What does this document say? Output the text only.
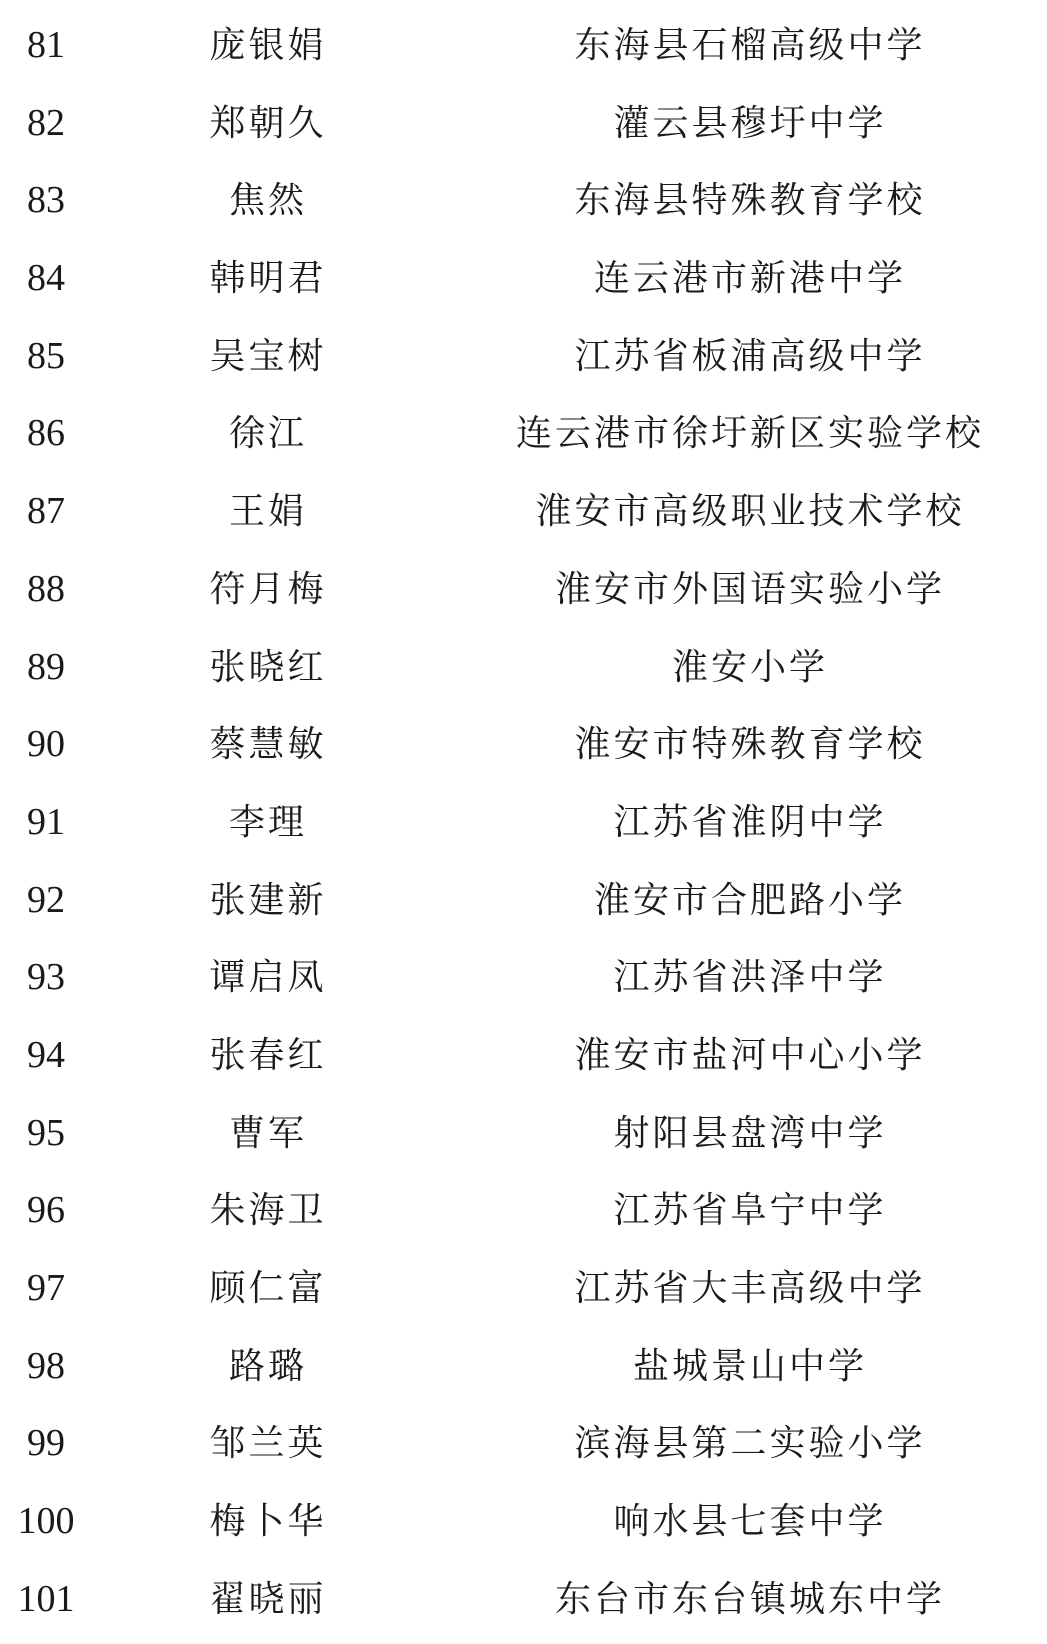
81	庞银娟	东海县石榴高级中学
82	郑朝久	灌云县穆圩中学
83	焦然	东海县特殊教育学校
84	韩明君	连云港市新港中学
85	吴宝树	江苏省板浦高级中学
86	徐江	连云港市徐圩新区实验学校
87	王娟	淮安市高级职业技术学校
88	符月梅	淮安市外国语实验小学
89	张晓红	淮安小学
90	蔡慧敏	淮安市特殊教育学校
91	李理	江苏省淮阴中学
92	张建新	淮安市合肥路小学
93	谭启凤	江苏省洪泽中学
94	张春红	淮安市盐河中心小学
95	曹军	射阳县盘湾中学
96	朱海卫	江苏省阜宁中学
97	顾仁富	江苏省大丰高级中学
98	路璐	盐城景山中学
99	邹兰英	滨海县第二实验小学
100	梅卜华	响水县七套中学
101	翟晓丽	东台市东台镇城东中学
